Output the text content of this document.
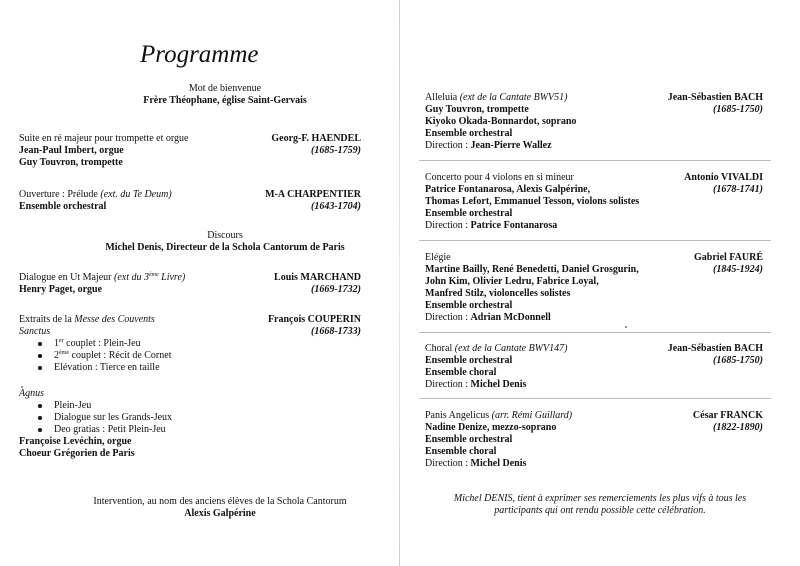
Programme
Mot de bienvenue
Frère Théophane, église Saint-Gervais
Suite en ré majeur pour trompette et orgue	Georg-F. HAENDEL
Jean-Paul Imbert, orgue	(1685-1759)
Guy Touvron, trompette
Ouverture : Prélude (ext. du Te Deum)	M-A CHARPENTIER
Ensemble orchestral	(1643-1704)
Discours
Michel Denis, Directeur de la Schola Cantorum de Paris
Dialogue en Ut Majeur (ext du 3ème Livre)	Louis MARCHAND
Henry Paget, orgue	(1669-1732)
Extraits de la Messe des Couvents	François COUPERIN
Sanctus	(1668-1733)
1er couplet : Plein-Jeu
2ème couplet : Récit de Cornet
Elévation : Tierce en taille
Agnus
Plein-Jeu
Dialogue sur les Grands-Jeux
Deo gratias : Petit Plein-Jeu
Françoise Levéchin, orgue
Choeur Grégorien de Paris
Intervention, au nom des anciens élèves de la Schola Cantorum
Alexis Galpérine
Alleluia (ext de la Cantate BWV51)	Jean-Sébastien BACH
Guy Touvron, trompette	(1685-1750)
Kiyoko Okada-Bonnardot, soprano
Ensemble orchestral
Direction : Jean-Pierre Wallez
Concerto pour 4 violons en si mineur	Antonio VIVALDI
Patrice Fontanarosa, Alexis Galpérine,	(1678-1741)
Thomas Lefort, Emmanuel Tesson, violons solistes
Ensemble orchestral
Direction : Patrice Fontanarosa
Elégie	Gabriel FAURÉ
Martine Bailly, René Benedetti, Daniel Grosgurin,	(1845-1924)
John Kim, Olivier Ledru, Fabrice Loyal,
Manfred Stilz, violoncelles solistes
Ensemble orchestral
Direction : Adrian McDonnell
Choral (ext de la Cantate BWV147)	Jean-Sébastien BACH
Ensemble orchestral	(1685-1750)
Ensemble choral
Direction : Michel Denis
Panis Angelicus (arr. Rémi Guillard)	César FRANCK
Nadine Denize, mezzo-soprano	(1822-1890)
Ensemble orchestral
Ensemble choral
Direction : Michel Denis
Michel DENIS, tient à exprimer ses remerciements les plus vifs à tous les
participants qui ont rendu possible cette célébration.
